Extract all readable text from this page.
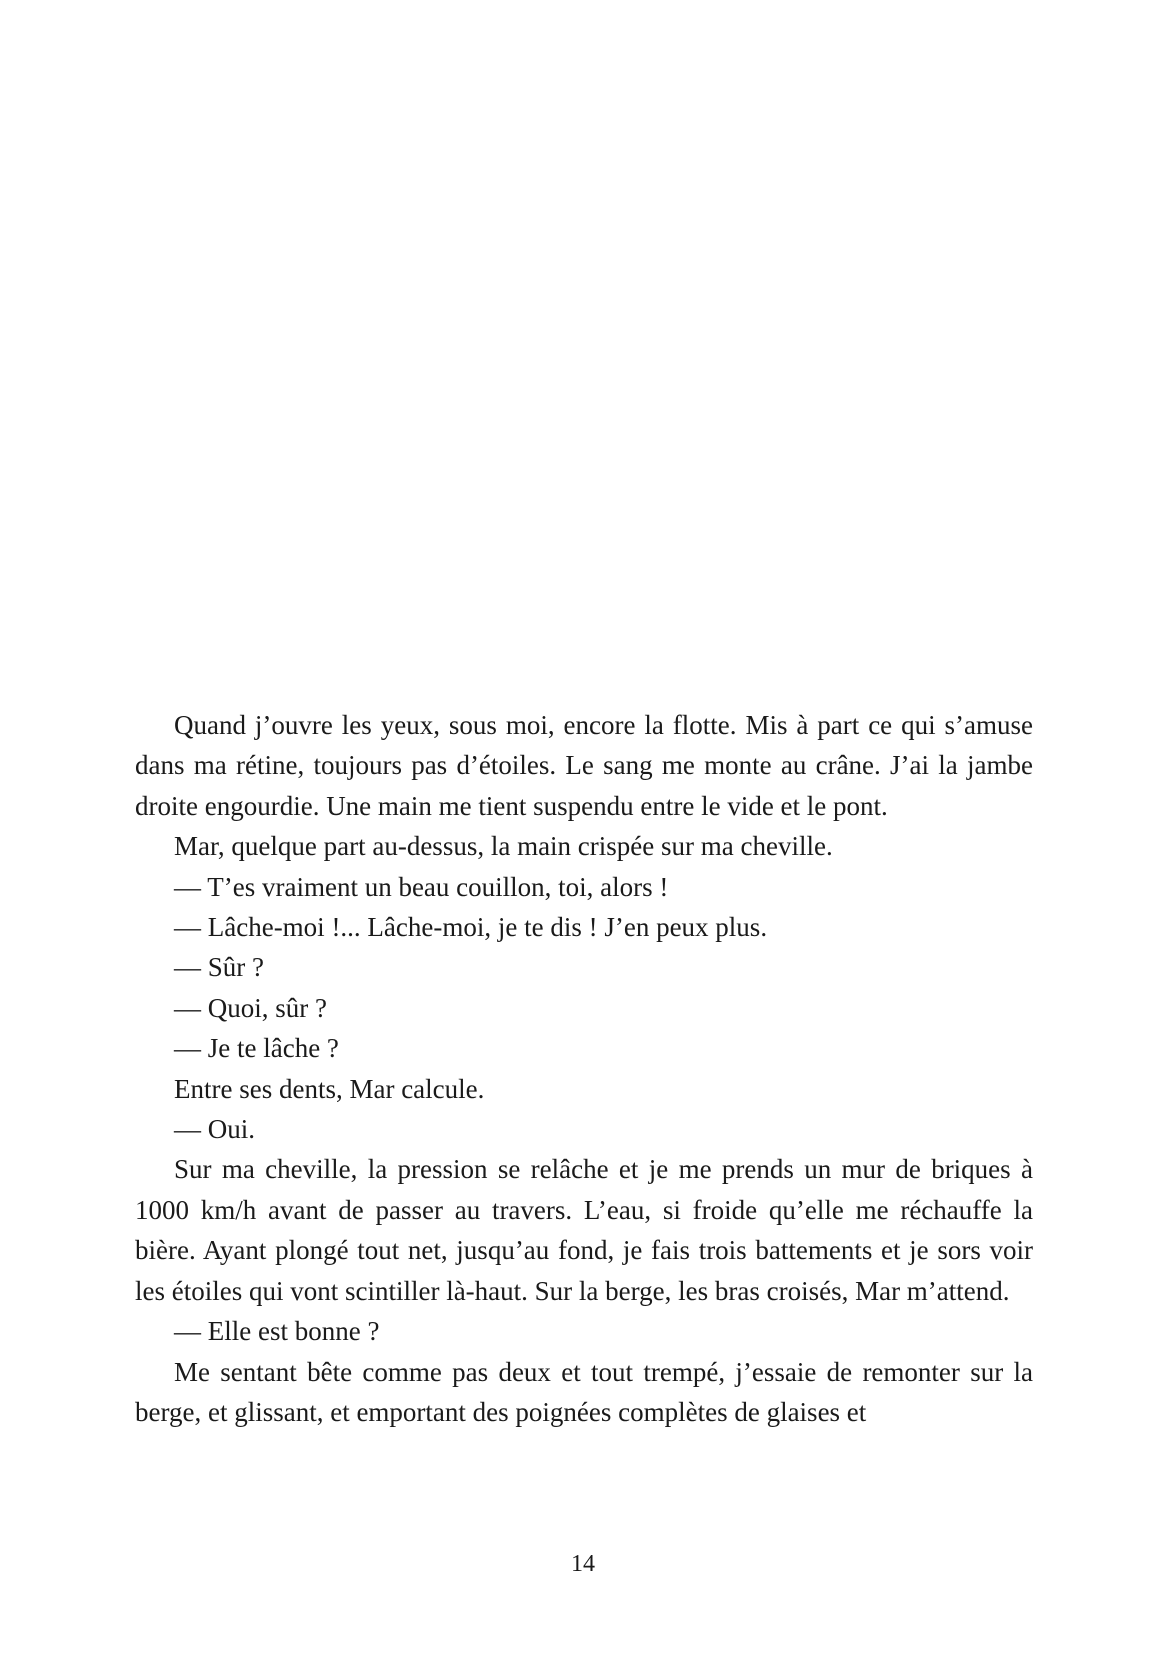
Quand j’ouvre les yeux, sous moi, encore la flotte. Mis à part ce qui s’amuse dans ma rétine, toujours pas d’étoiles. Le sang me monte au crâne. J’ai la jambe droite engourdie. Une main me tient suspendu entre le vide et le pont.

Mar, quelque part au-dessus, la main crispée sur ma cheville.

— T’es vraiment un beau couillon, toi, alors !

— Lâche-moi !... Lâche-moi, je te dis ! J’en peux plus.

— Sûr ?

— Quoi, sûr ?

— Je te lâche ?

Entre ses dents, Mar calcule.

— Oui.

Sur ma cheville, la pression se relâche et je me prends un mur de briques à 1000 km/h avant de passer au travers. L’eau, si froide qu’elle me réchauffe la bière. Ayant plongé tout net, jusqu’au fond, je fais trois battements et je sors voir les étoiles qui vont scintiller là-haut. Sur la berge, les bras croisés, Mar m’attend.

— Elle est bonne ?

Me sentant bête comme pas deux et tout trempé, j’essaie de remonter sur la berge, et glissant, et emportant des poignées complètes de glaises et

14
